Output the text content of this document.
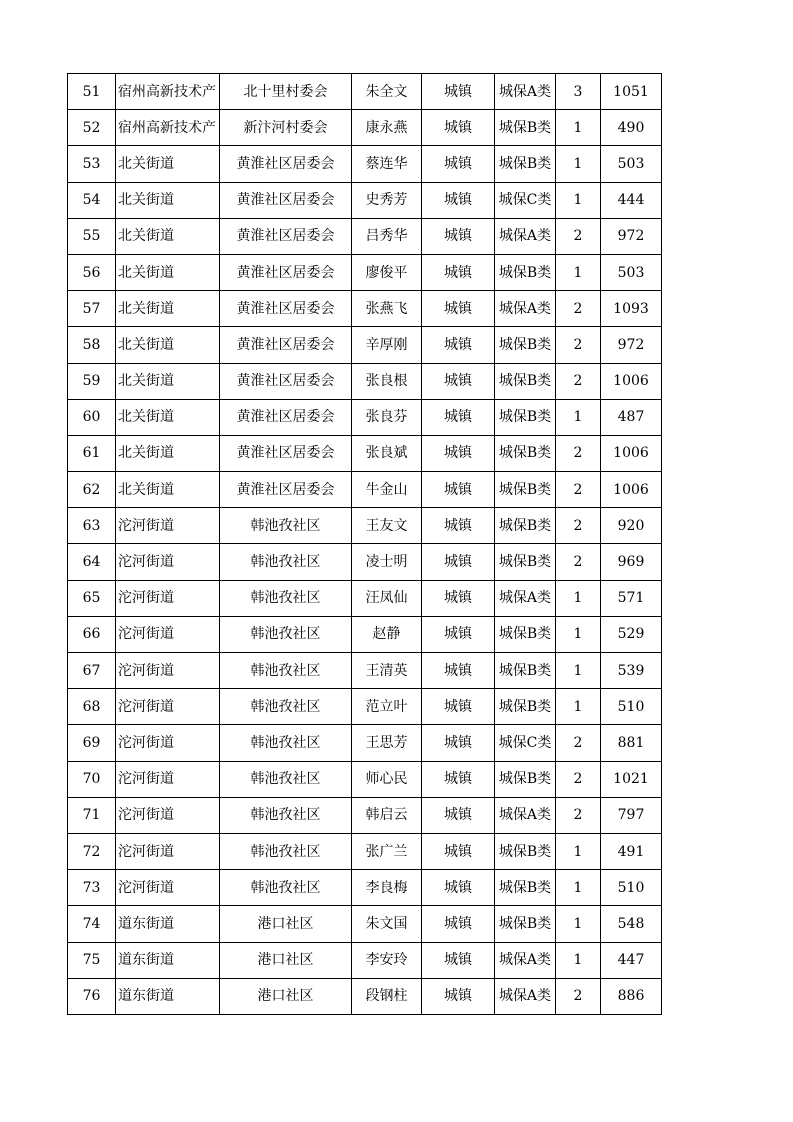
51	宿州高新技术产	北十里村委会	朱全文	城镇	城保A类	3	1051
52	宿州高新技术产	新汴河村委会	康永燕	城镇	城保B类	1	490
53	北关街道	黄淮社区居委会	蔡连华	城镇	城保B类	1	503
54	北关街道	黄淮社区居委会	史秀芳	城镇	城保C类	1	444
55	北关街道	黄淮社区居委会	吕秀华	城镇	城保A类	2	972
56	北关街道	黄淮社区居委会	廖俊平	城镇	城保B类	1	503
57	北关街道	黄淮社区居委会	张燕飞	城镇	城保A类	2	1093
58	北关街道	黄淮社区居委会	辛厚刚	城镇	城保B类	2	972
59	北关街道	黄淮社区居委会	张良根	城镇	城保B类	2	1006
60	北关街道	黄淮社区居委会	张良芬	城镇	城保B类	1	487
61	北关街道	黄淮社区居委会	张良斌	城镇	城保B类	2	1006
62	北关街道	黄淮社区居委会	牛金山	城镇	城保B类	2	1006
63	沱河街道	韩池孜社区	王友文	城镇	城保B类	2	920
64	沱河街道	韩池孜社区	凌士明	城镇	城保B类	2	969
65	沱河街道	韩池孜社区	汪凤仙	城镇	城保A类	1	571
66	沱河街道	韩池孜社区	赵静	城镇	城保B类	1	529
67	沱河街道	韩池孜社区	王清英	城镇	城保B类	1	539
68	沱河街道	韩池孜社区	范立叶	城镇	城保B类	1	510
69	沱河街道	韩池孜社区	王思芳	城镇	城保C类	2	881
70	沱河街道	韩池孜社区	师心民	城镇	城保B类	2	1021
71	沱河街道	韩池孜社区	韩启云	城镇	城保A类	2	797
72	沱河街道	韩池孜社区	张广兰	城镇	城保B类	1	491
73	沱河街道	韩池孜社区	李良梅	城镇	城保B类	1	510
74	道东街道	港口社区	朱文国	城镇	城保B类	1	548
75	道东街道	港口社区	李安玲	城镇	城保A类	1	447
76	道东街道	港口社区	段钢柱	城镇	城保A类	2	886
